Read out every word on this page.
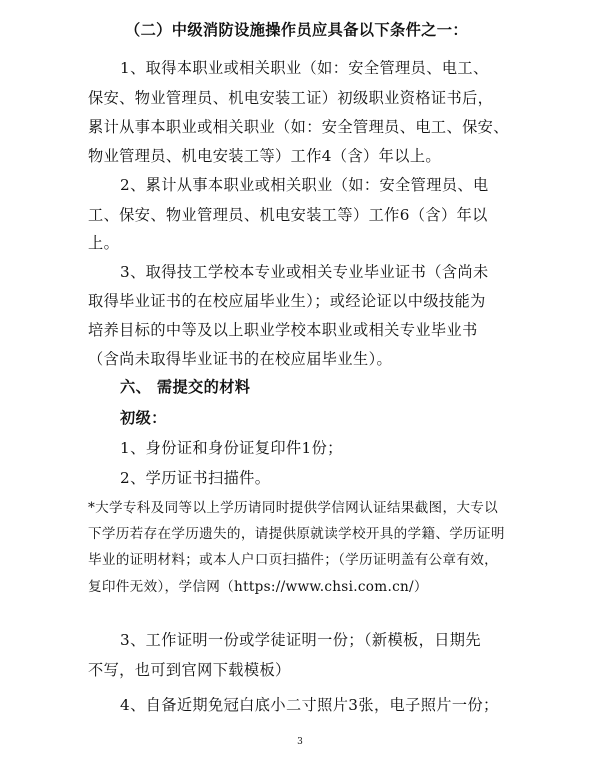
（二）中级消防设施操作员应具备以下条件之一：
1、取得本职业或相关职业（如：安全管理员、电工、
保安、物业管理员、机电安装工证）初级职业资格证书后，
累计从事本职业或相关职业（如：安全管理员、电工、保安、
物业管理员、机电安装工等）工作4（含）年以上。
2、累计从事本职业或相关职业（如：安全管理员、电
工、保安、物业管理员、机电安装工等）工作6（含）年以
上。
3、取得技工学校本专业或相关专业毕业证书（含尚未
取得毕业证书的在校应届毕业生）；或经论证以中级技能为
培养目标的中等及以上职业学校本职业或相关专业毕业书
（含尚未取得毕业证书的在校应届毕业生）。
六、 需提交的材料
初级：
1、身份证和身份证复印件1份；
2、学历证书扫描件。
*大学专科及同等以上学历请同时提供学信网认证结果截图，大专以
下学历若存在学历遗失的，请提供原就读学校开具的学籍、学历证明
毕业的证明材料；或本人户口页扫描件；（学历证明盖有公章有效，
复印件无效），学信网（https://www.chsi.com.cn/）
3、工作证明一份或学徒证明一份；（新模板，日期先
不写，也可到官网下载模板）
4、自备近期免冠白底小二寸照片3张，电子照片一份；
3
